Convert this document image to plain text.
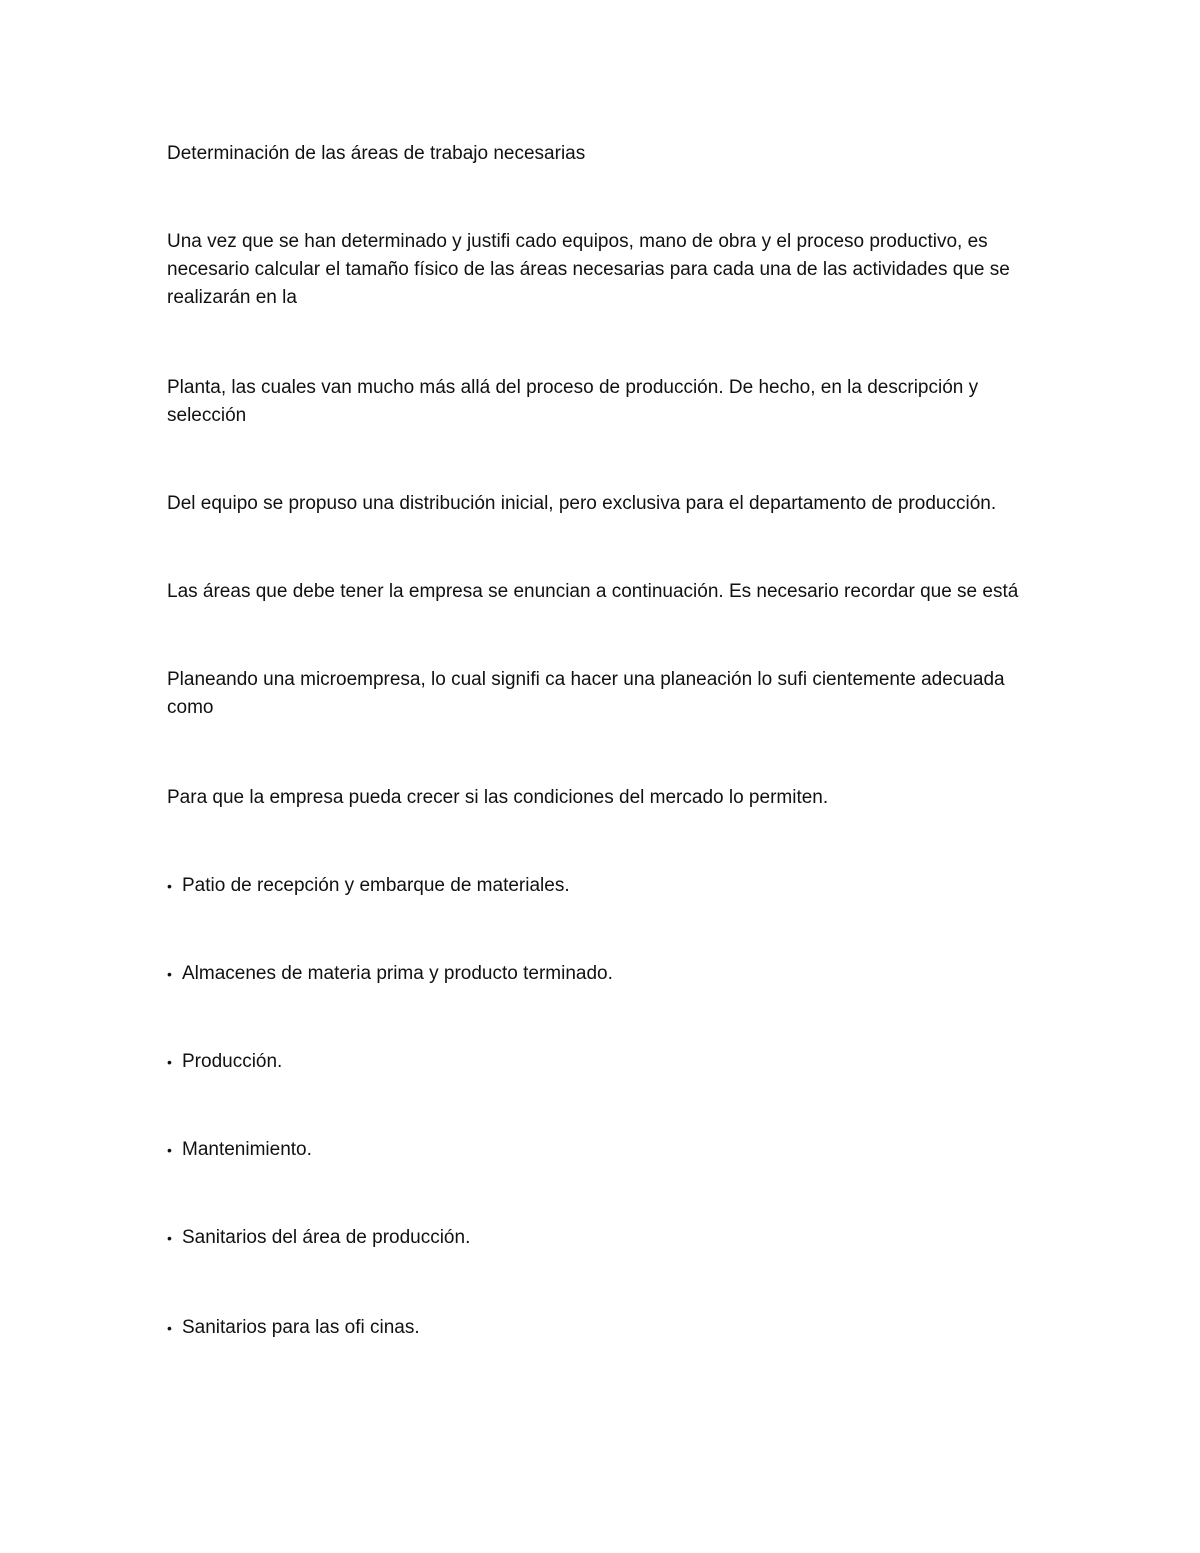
Determinación de las áreas de trabajo necesarias

Una vez que se han determinado y justifi cado equipos, mano de obra y el proceso productivo, es necesario calcular el tamaño físico de las áreas necesarias para cada una de las actividades que se realizarán en la

Planta, las cuales van mucho más allá del proceso de producción. De hecho, en la descripción y selección

Del equipo se propuso una distribución inicial, pero exclusiva para el departamento de producción.

Las áreas que debe tener la empresa se enuncian a continuación. Es necesario recordar que se está

Planeando una microempresa, lo cual signifi ca hacer una planeación lo sufi cientemente adecuada como

Para que la empresa pueda crecer si las condiciones del mercado lo permiten.

• Patio de recepción y embarque de materiales.
• Almacenes de materia prima y producto terminado.
• Producción.
• Mantenimiento.
• Sanitarios del área de producción.
• Sanitarios para las ofi cinas.
